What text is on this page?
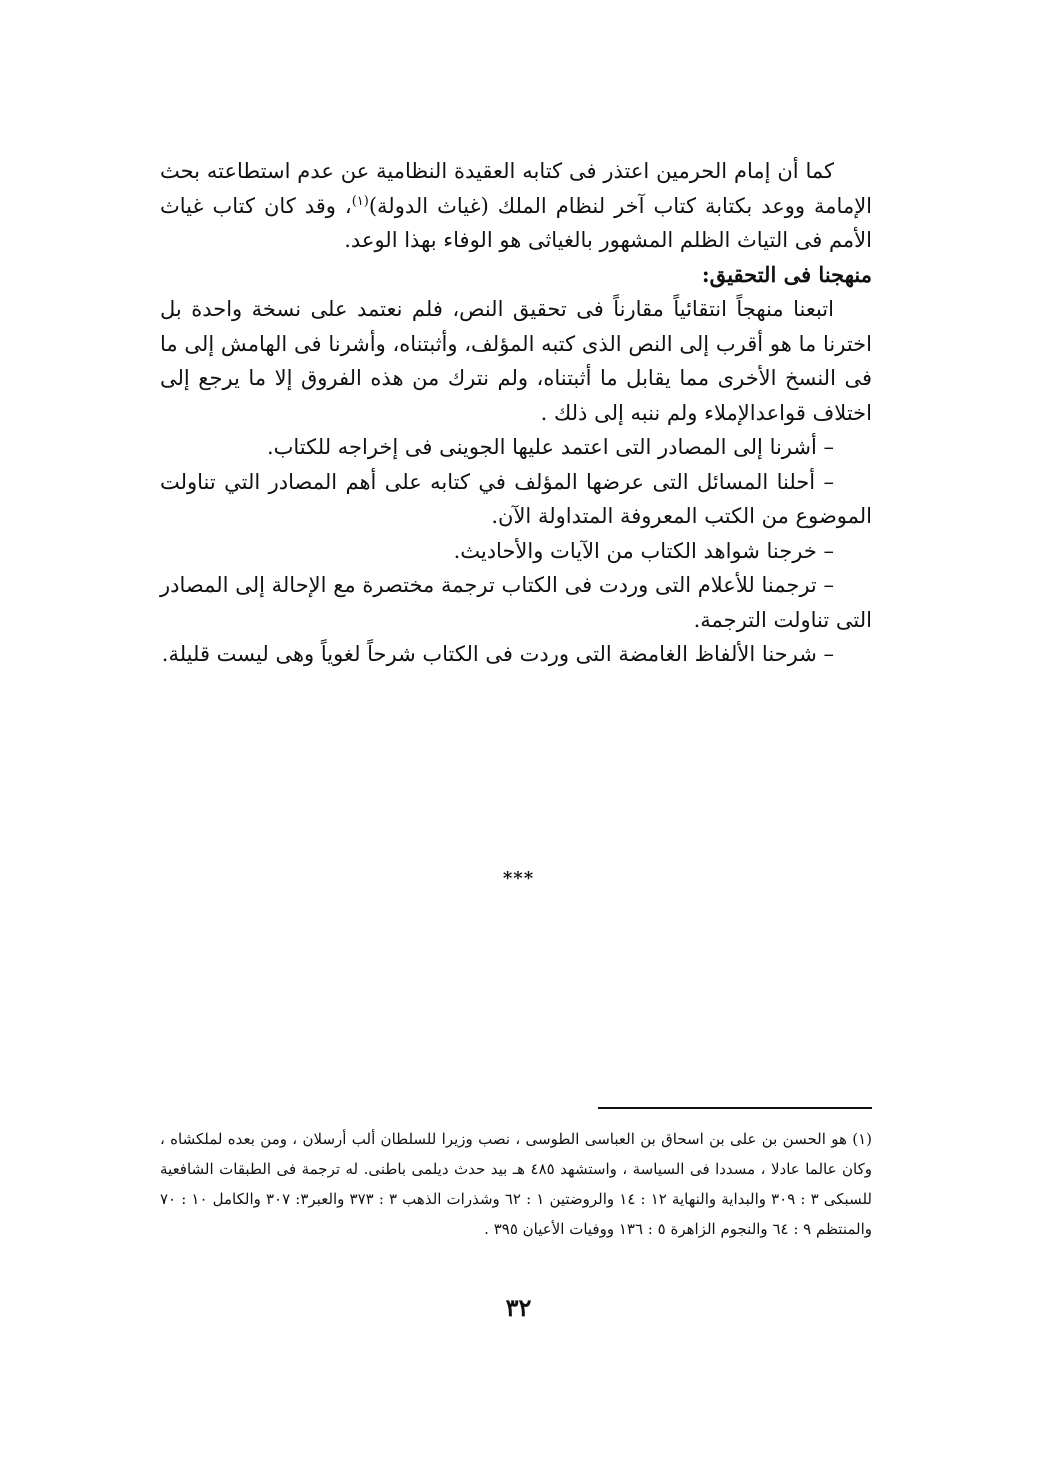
كما أن إمام الحرمين اعتذر فى كتابه العقيدة النظامية عن عدم استطاعته بحث الإمامة ووعد بكتابة كتاب آخر لنظام الملك (غياث الدولة)$^{(١)}$، وقد كان كتاب غياث الأمم فى التياث الظلم المشهور بالغياثى هو الوفاء بهذا الوعد.

منهجنا فى التحقيق:

اتبعنا منهجاً انتقائياً مقارناً فى تحقيق النص، فلم نعتمد على نسخة واحدة بل اخترنا ما هو أقرب إلى النص الذى كتبه المؤلف، وأثبتناه، وأشرنا فى الهامش إلى ما فى النسخ الأخرى مما يقابل ما أثبتناه، ولم نترك من هذه الفروق إلا ما يرجع إلى اختلاف قواعدالإملاء ولم ننبه إلى ذلك .

– أشرنا إلى المصادر التى اعتمد عليها الجوينى فى إخراجه للكتاب.

– أحلنا المسائل التى عرضها المؤلف في كتابه على أهم المصادر التي تناولت الموضوع من الكتب المعروفة المتداولة الآن.

– خرجنا شواهد الكتاب من الآيات والأحاديث.

– ترجمنا للأعلام التى وردت فى الكتاب ترجمة مختصرة مع الإحالة إلى المصادر التى تناولت الترجمة.

– شرحنا الألفاظ الغامضة التى وردت فى الكتاب شرحاً لغوياً وهى ليست قليلة.

***

(١) هو الحسن بن على بن اسحاق بن العباسى الطوسى ، نصب وزيرا للسلطان ألب أرسلان ، ومن بعده لملكشاه ، وكان عالما عادلا ، مسددا فى السياسة ، واستشهد ٤٨٥ هـ بيد حدث ديلمى باطنى. له ترجمة فى الطبقات الشافعية للسبكى ٣ : ٣٠٩ والبداية والنهاية ١٢ : ١٤ والروضتين ١ : ٦٢ وشذرات الذهب ٣ : ٣٧٣ والعبر٣: ٣٠٧ والكامل ١٠ : ٧٠ والمنتظم ٩ : ٦٤ والنجوم الزاهرة ٥ : ١٣٦ ووفيات الأعيان ٣٩٥ .

٣٢
